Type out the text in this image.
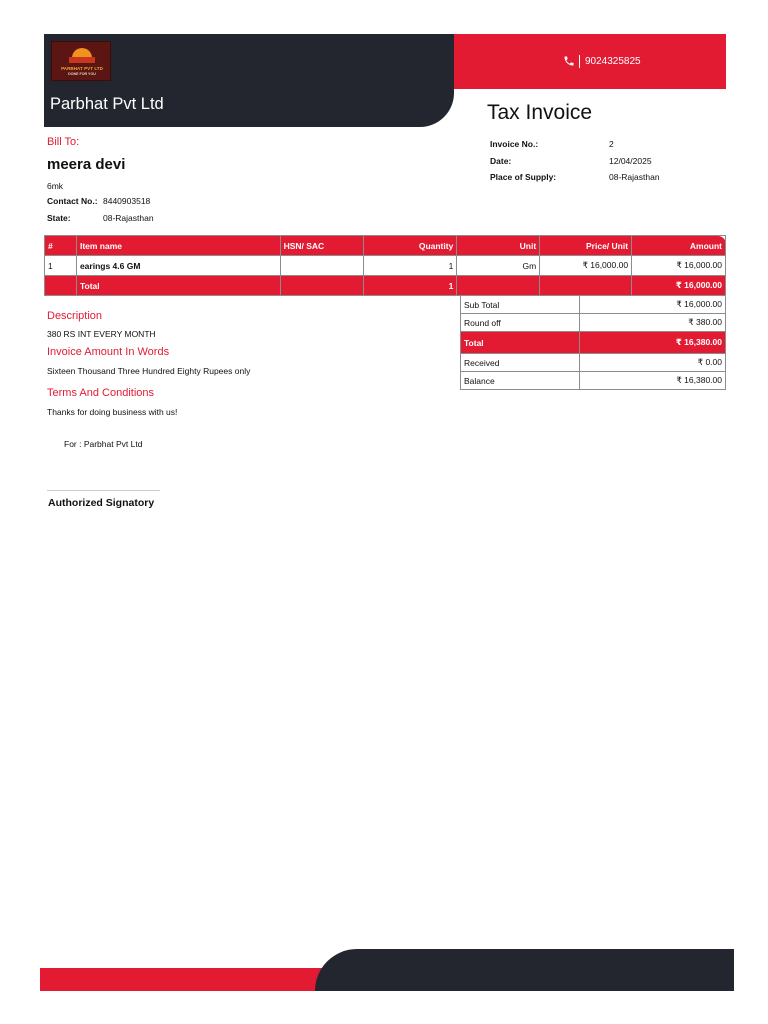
PARBHAT PVT LTD
DONE FOR YOU
Parbhat Pvt Ltd
9024325825
Tax Invoice
Invoice No.:	2
Date:	12/04/2025
Place of Supply:	08-Rajasthan
Bill To:
meera devi
6mk
Contact No.: 8440903518
State:	08-Rajasthan
#	Item name	HSN/ SAC	Quantity	Unit	Price/ Unit	Amount
1	earings 4.6 GM		1	Gm	₹ 16,000.00	₹ 16,000.00
	Total		1			₹ 16,000.00
Sub Total	₹ 16,000.00
Round off	₹ 380.00
Total	₹ 16,380.00
Received	₹ 0.00
Balance	₹ 16,380.00
Description
380 RS INT EVERY MONTH
Invoice Amount In Words
Sixteen Thousand Three Hundred Eighty Rupees only
Terms And Conditions
Thanks for doing business with us!
For : Parbhat Pvt Ltd
Authorized Signatory
